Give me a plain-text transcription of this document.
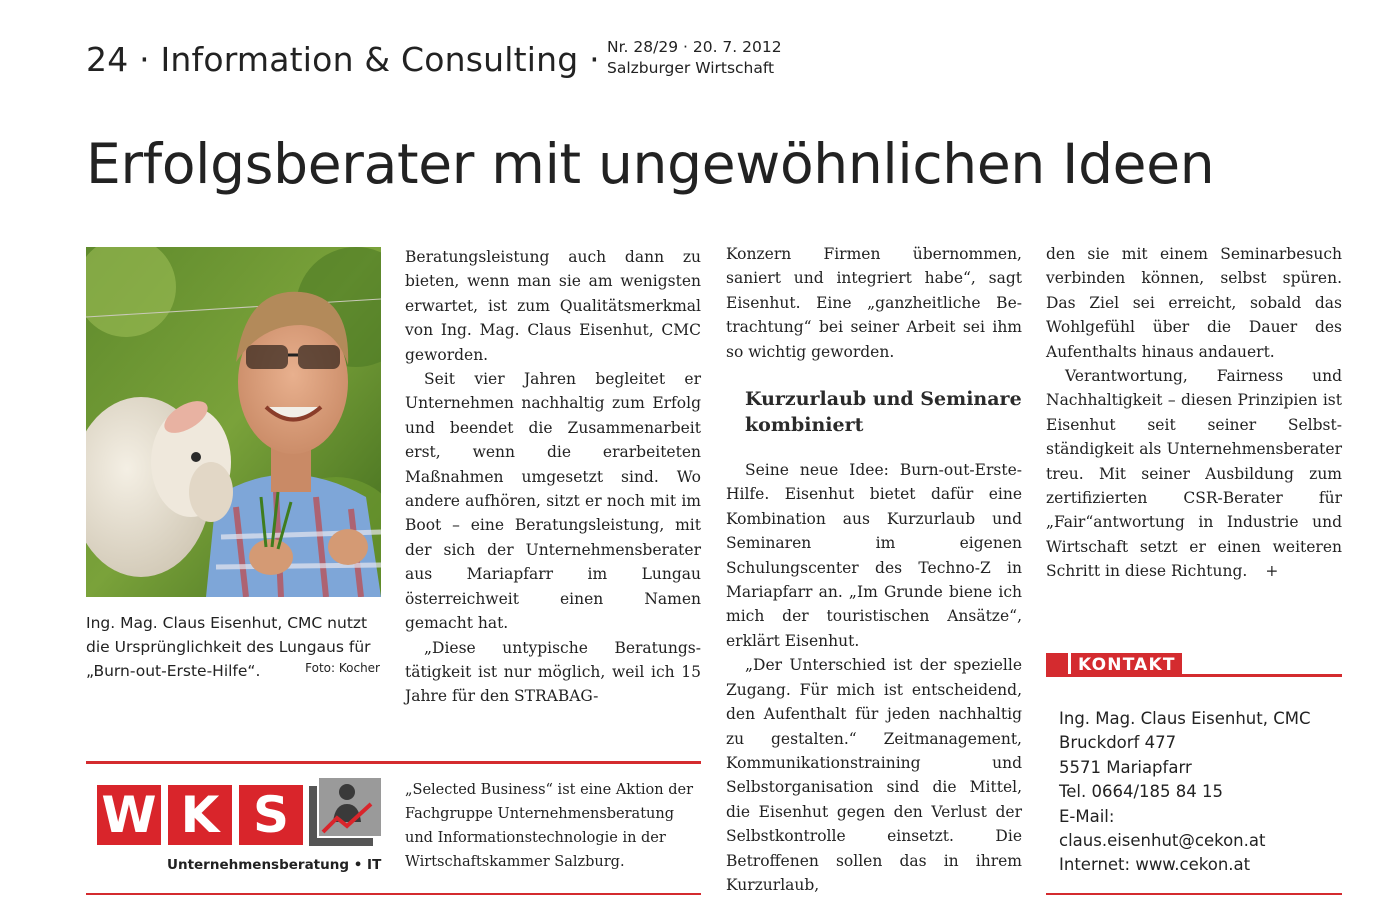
24 · Information & Consulting · Nr. 28/29 · 20. 7. 2012
Salzburger Wirtschaft
Erfolgsberater mit ungewöhnlichen Ideen
Ing. Mag. Claus Eisenhut, CMC nutzt die Ursprünglichkeit des Lungaus für „Burn-out-Erste-Hilfe“.	Foto: Kocher

Beratungsleistung auch dann zu bieten, wenn man sie am wenigsten erwartet, ist zum Qualitätsmerkmal von Ing. Mag. Claus Eisenhut, CMC geworden.

Seit vier Jahren begleitet er Unternehmen nachhaltig zum Erfolg und beendet die Zusammenarbeit erst, wenn die erarbeiteten Maßnahmen umgesetzt sind. Wo andere aufhören, sitzt er noch mit im Boot – eine Beratungsleistung, mit der sich der Unternehmensberater aus Mariapfarr im Lungau österreichweit einen Namen gemacht hat.

„Diese untypische Beratungstätigkeit ist nur möglich, weil ich 15 Jahre für den STRABAG-

Konzern Firmen übernommen, saniert und integriert habe“, sagt Eisenhut. Eine „ganzheitliche Betrachtung“ bei seiner Arbeit sei ihm so wichtig geworden.

Kurzurlaub und Seminare kombiniert

Seine neue Idee: Burn-out-Erste-Hilfe. Eisenhut bietet dafür eine Kombination aus Kurzurlaub und Seminaren im eigenen Schulungscenter des Techno-Z in Mariapfarr an. „Im Grunde biene ich mich der touristischen Ansätze“, erklärt Eisenhut.

„Der Unterschied ist der spezielle Zugang. Für mich ist entscheidend, den Aufenthalt für jeden nachhaltig zu gestalten.“ Zeitmanagement, Kommunikationstraining und Selbstorganisation sind die Mittel, die Eisenhut gegen den Verlust der Selbstkontrolle einsetzt. Die Betroffenen sollen das in ihrem Kurzurlaub,

den sie mit einem Seminarbesuch verbinden können, selbst spüren. Das Ziel sei erreicht, sobald das Wohlgefühl über die Dauer des Aufenthalts hinaus andauert.

Verantwortung, Fairness und Nachhaltigkeit – diesen Prinzipien ist Eisenhut seit seiner Selbstständigkeit als Unternehmensberater treu. Mit seiner Ausbildung zum zertifizierten CSR-Berater für „Fair“antwortung in Industrie und Wirtschaft setzt er einen weiteren Schritt in diese Richtung. +

KONTAKT
Ing. Mag. Claus Eisenhut, CMC
Bruckdorf 477
5571 Mariapfarr
Tel. 0664/185 84 15
E-Mail:
claus.eisenhut@cekon.at
Internet: www.cekon.at
W K S
Unternehmensberatung • IT
„Selected Business“ ist eine Aktion der Fachgruppe Unternehmensberatung und Informationstechnologie in der Wirtschaftskammer Salzburg.
